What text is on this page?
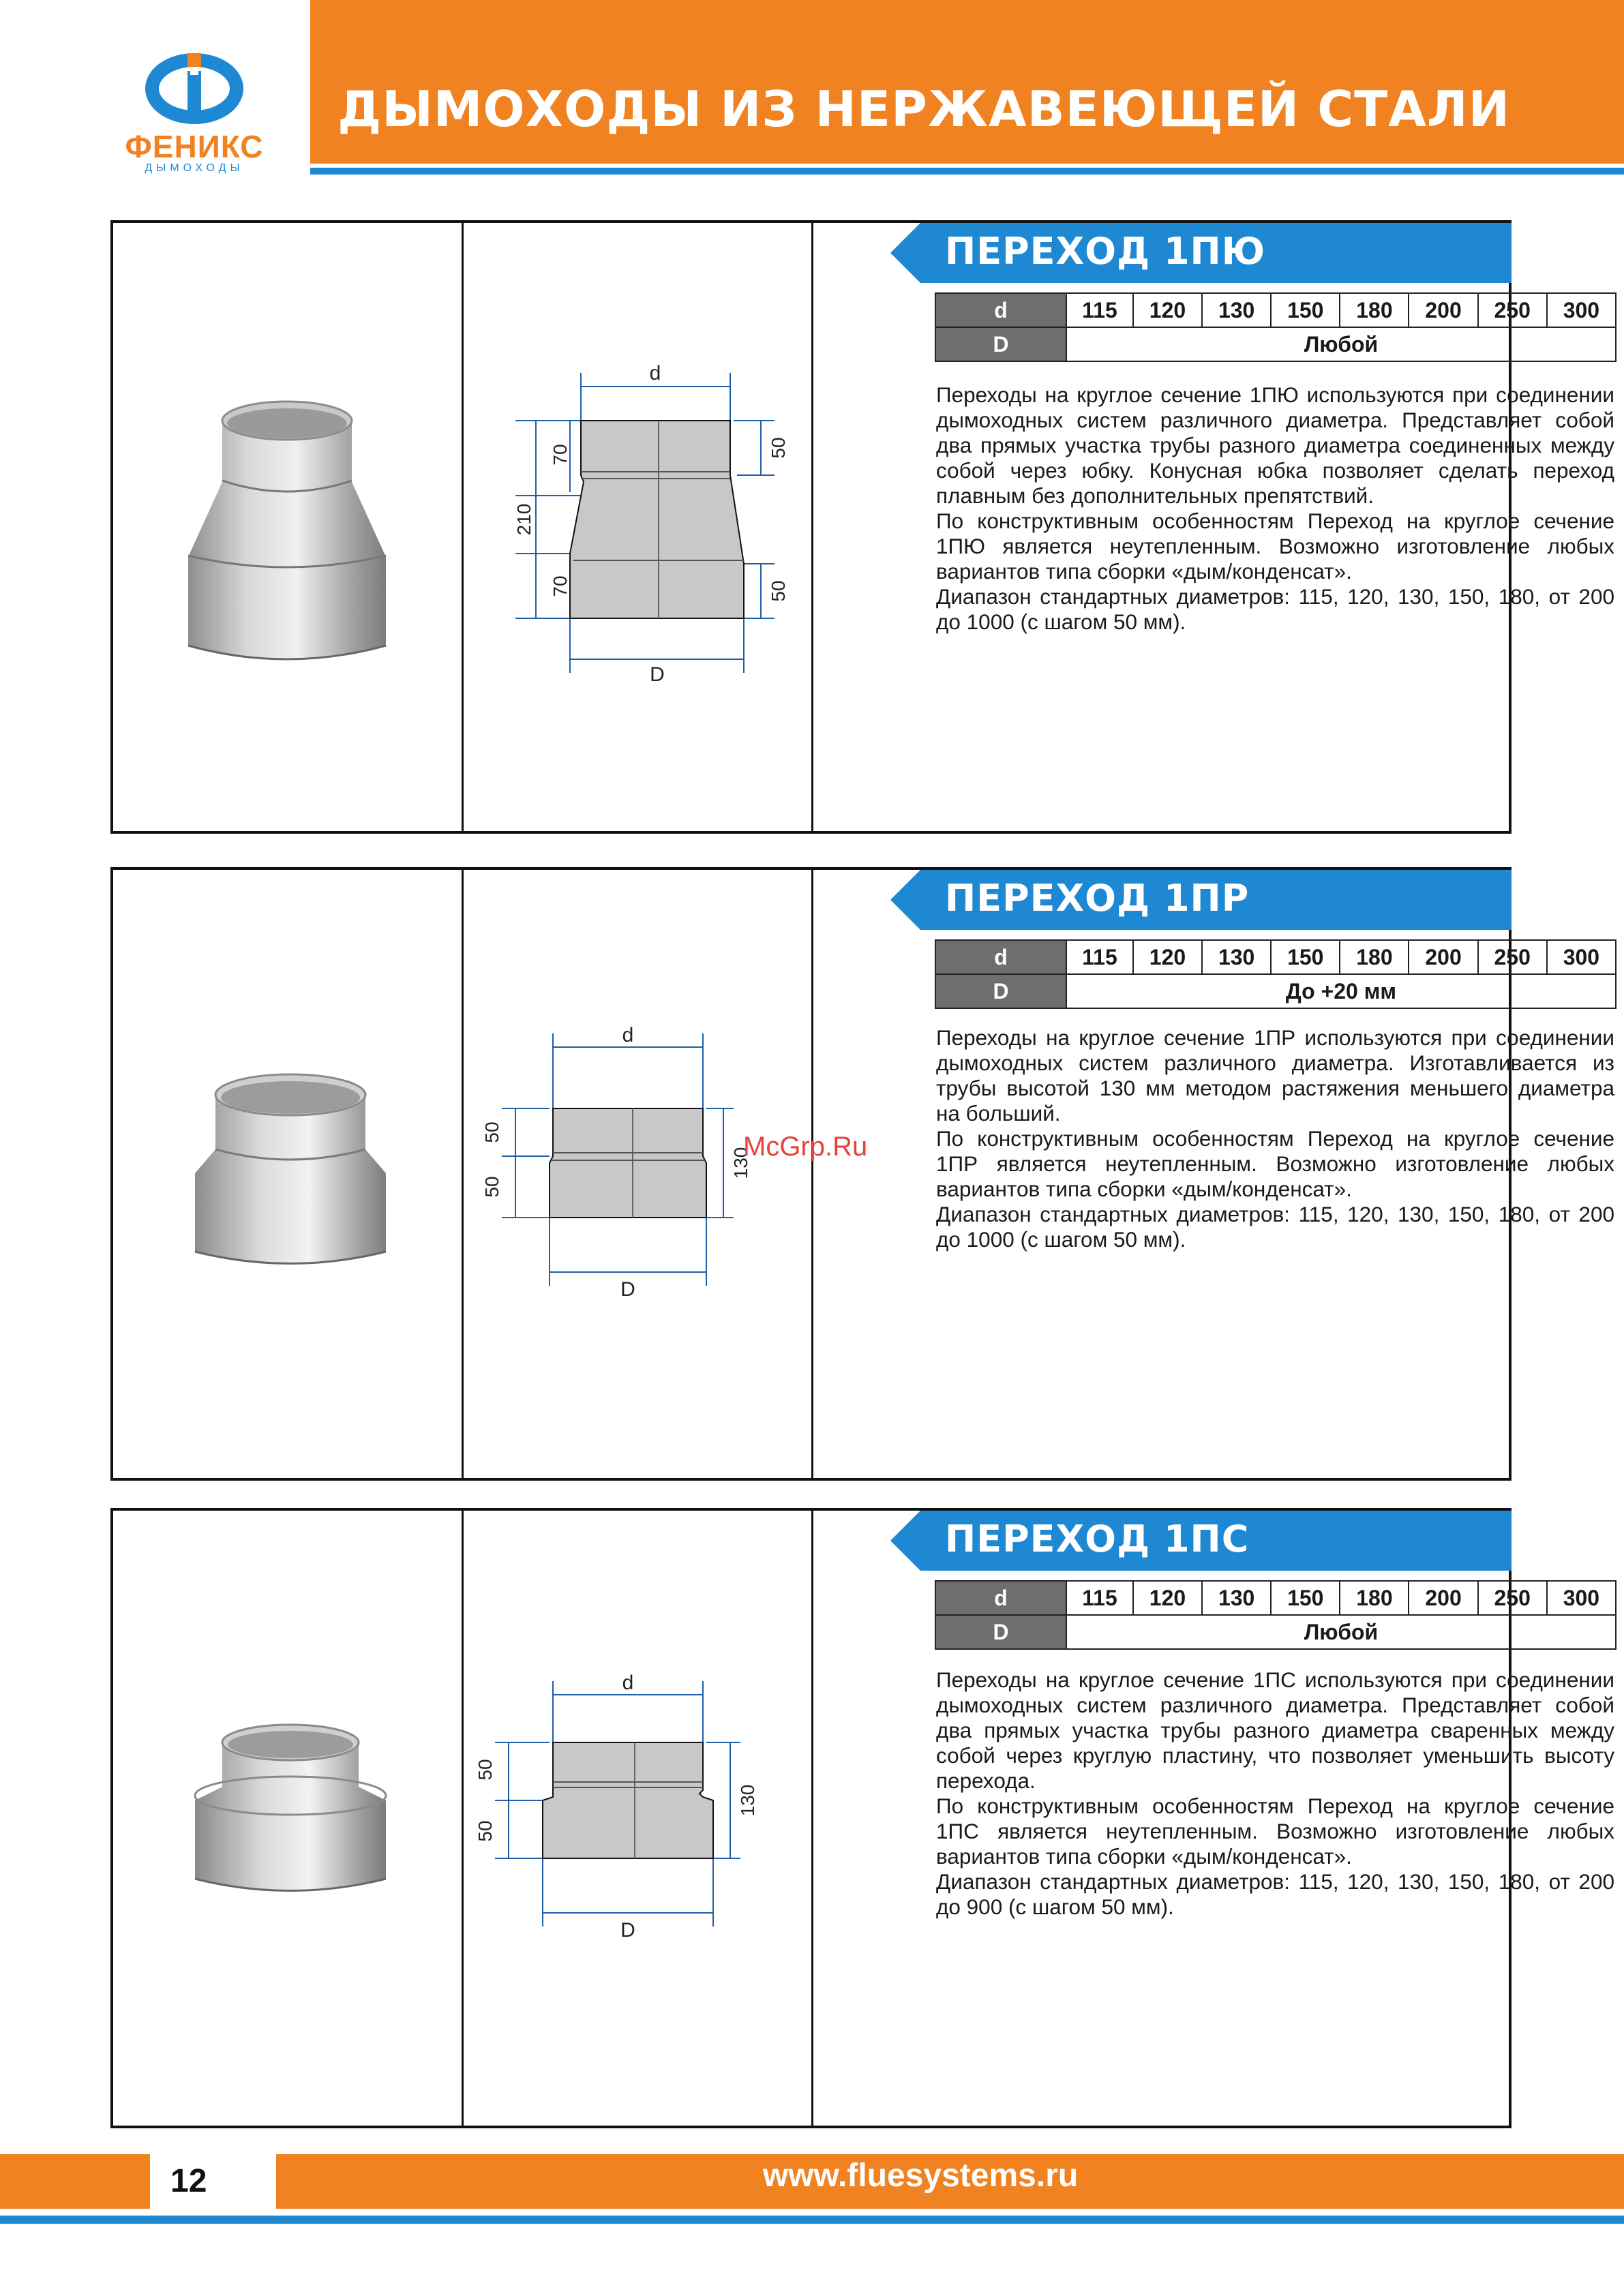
ФЕНИКС
ДЫМОХОДЫ
ДЫМОХОДЫ ИЗ НЕРЖАВЕЮЩЕЙ СТАЛИ
d
D
70
70
210
50
50
ПЕРЕХОД 1ПЮ
d	115	120	130	150	180	200	250	300
D	Любой							

Переходы на круглое сечение 1ПЮ используются при соединении дымоходных систем различного диаметра. Представляет собой два прямых участка трубы разного диаметра соединенных между собой через юбку. Конусная юбка позволяет сделать переход плавным без дополнительных препятствий.

По конструктивным особенностям Переход на круглое сечение 1ПЮ является неутепленным. Возможно изготовление любых вариантов типа сборки «дым/конденсат».

Диапазон стандартных диаметров: 115, 120, 130, 150, 180, от 200 до 1000 (с шагом 50 мм).

d
D
50
50
130
ПЕРЕХОД 1ПР
d	115	120	130	150	180	200	250	300
D	До +20 мм							

Переходы на круглое сечение 1ПР используются при соединении дымоходных систем различного диаметра. Изготавливается из трубы высотой 130 мм методом растяжения меньшего диаметра на больший.

По конструктивным особенностям Переход на круглое сечение 1ПР является неутепленным. Возможно изготовление любых вариантов типа сборки «дым/конденсат».

Диапазон стандартных диаметров: 115, 120, 130, 150, 180, от 200 до 1000 (с шагом 50 мм).

d
D
50
50
130
ПЕРЕХОД 1ПС
d	115	120	130	150	180	200	250	300
D	Любой							

Переходы на круглое сечение 1ПС используются при соединении дымоходных систем различного диаметра. Представляет собой два прямых участка трубы разного диаметра сваренных между собой через круглую пластину, что позволяет уменьшить высоту перехода.

По конструктивным особенностям Переход на круглое сечение 1ПС является неутепленным. Возможно изготовление любых вариантов типа сборки «дым/конденсат».

Диапазон стандартных диаметров: 115, 120, 130, 150, 180, от 200 до 900 (с шагом 50 мм).

McGrp.Ru
12	www.fluesystems.ru
